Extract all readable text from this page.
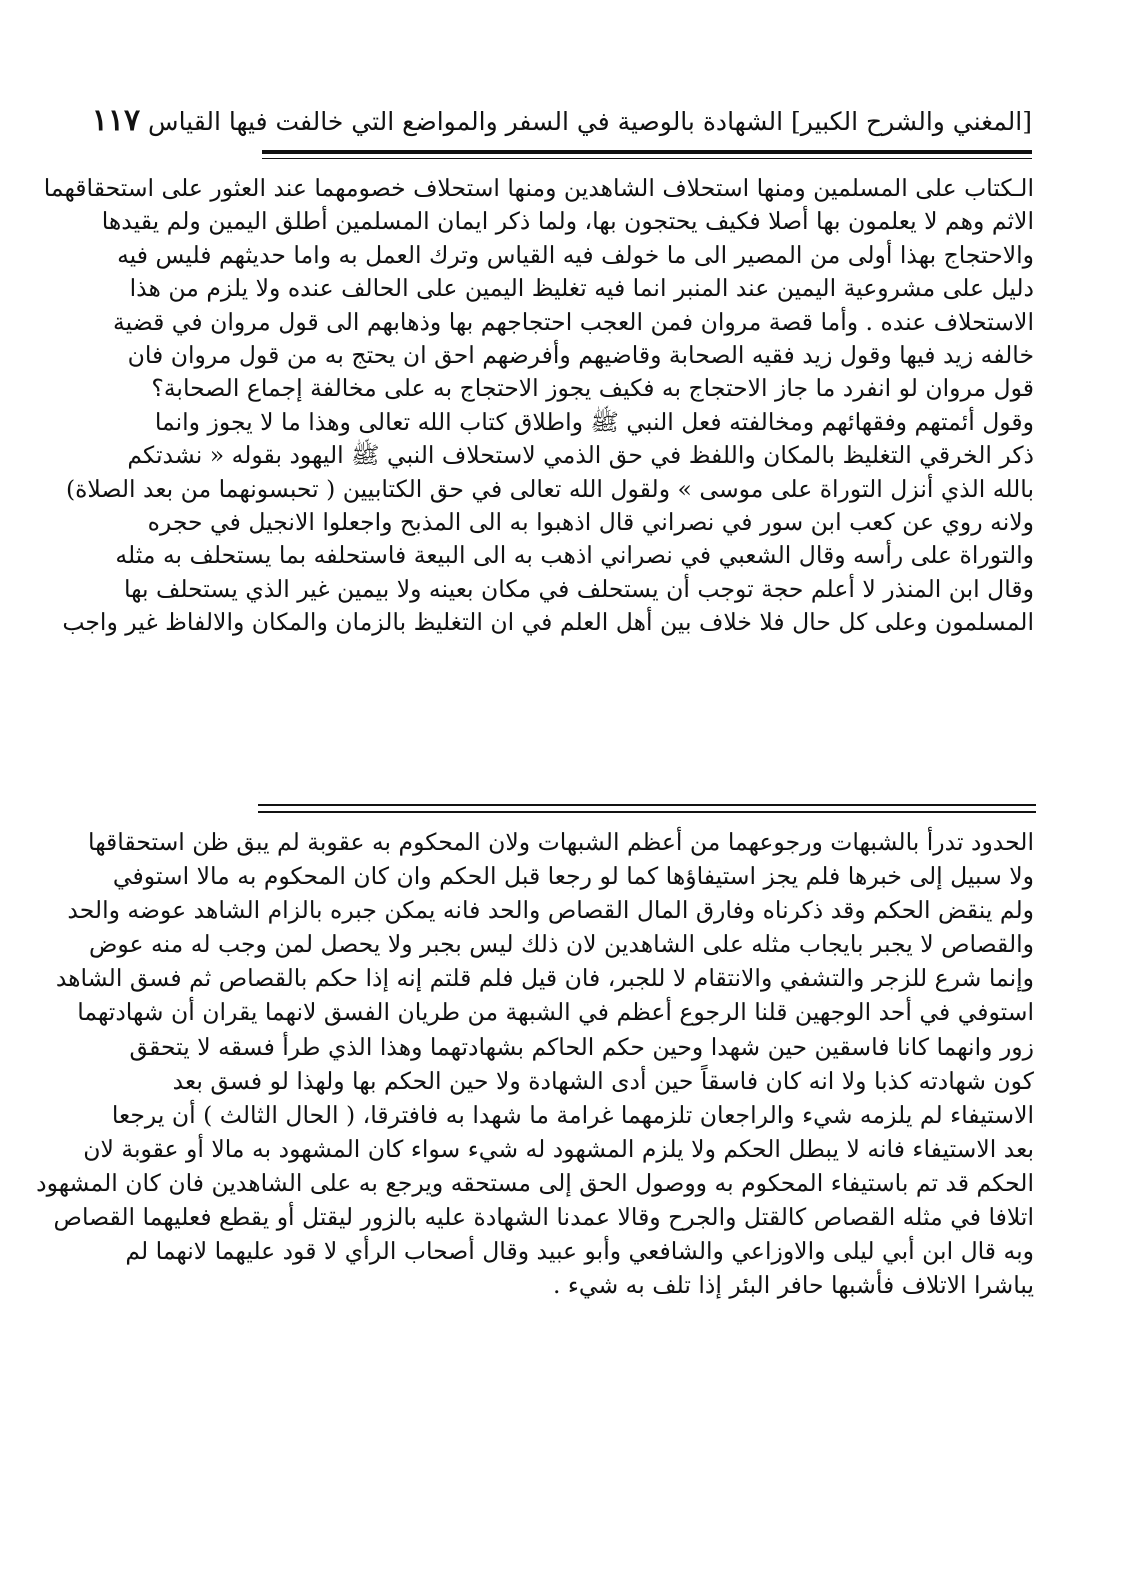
[المغني والشرح الكبير] الشهادة بالوصية في السفر والمواضع التي خالفت فيها القياس ١١٧
الـكتاب على المسلمين ومنها استحلاف الشاهدين ومنها استحلاف خصومهما عند العثور على استحقاقهما
الاثم وهم لا يعلمون بها أصلا فكيف يحتجون بها، ولما ذكر ايمان المسلمين أطلق اليمين ولم يقيدها
والاحتجاج بهذا أولى من المصير الى ما خولف فيه القياس وترك العمل به واما حديثهم فليس فيه
دليل على مشروعية اليمين عند المنبر انما فيه تغليظ اليمين على الحالف عنده ولا يلزم من هذا
الاستحلاف عنده . وأما قصة مروان فمن العجب احتجاجهم بها وذهابهم الى قول مروان في قضية
خالفه زيد فيها وقول زيد فقيه الصحابة وقاضيهم وأفرضهم احق ان يحتج به من قول مروان فان
قول مروان لو انفرد ما جاز الاحتجاج به فكيف يجوز الاحتجاج به على مخالفة إجماع الصحابة؟
وقول أئمتهم وفقهائهم ومخالفته فعل النبي ﷺ واطلاق كتاب الله تعالى وهذا ما لا يجوز وانما
ذكر الخرقي التغليظ بالمكان واللفظ في حق الذمي لاستحلاف النبي ﷺ اليهود بقوله « نشدتكم
بالله الذي أنزل التوراة على موسى » ولقول الله تعالى في حق الكتابيين ( تحبسونهما من بعد الصلاة)
ولانه روي عن كعب ابن سور في نصراني قال اذهبوا به الى المذبح واجعلوا الانجيل في حجره
والتوراة على رأسه وقال الشعبي في نصراني اذهب به الى البيعة فاستحلفه بما يستحلف به مثله
وقال ابن المنذر لا أعلم حجة توجب أن يستحلف في مكان بعينه ولا بيمين غير الذي يستحلف بها
المسلمون وعلى كل حال فلا خلاف بين أهل العلم في ان التغليظ بالزمان والمكان والالفاظ غير واجب
الحدود تدرأ بالشبهات ورجوعهما من أعظم الشبهات ولان المحكوم به عقوبة لم يبق ظن استحقاقها
ولا سبيل إلى خبرها فلم يجز استيفاؤها كما لو رجعا قبل الحكم وان كان المحكوم به مالا استوفي
ولم ينقض الحكم وقد ذكرناه وفارق المال القصاص والحد فانه يمكن جبره بالزام الشاهد عوضه والحد
والقصاص لا يجبر بايجاب مثله على الشاهدين لان ذلك ليس بجبر ولا يحصل لمن وجب له منه عوض
وإنما شرع للزجر والتشفي والانتقام لا للجبر، فان قيل فلم قلتم إنه إذا حكم بالقصاص ثم فسق الشاهد
استوفي في أحد الوجهين قلنا الرجوع أعظم في الشبهة من طريان الفسق لانهما يقران أن شهادتهما
زور وانهما كانا فاسقين حين شهدا وحين حكم الحاكم بشهادتهما وهذا الذي طرأ فسقه لا يتحقق
كون شهادته كذبا ولا انه كان فاسقاً حين أدى الشهادة ولا حين الحكم بها ولهذا لو فسق بعد
الاستيفاء لم يلزمه شيء والراجعان تلزمهما غرامة ما شهدا به فافترقا، ( الحال الثالث ) أن يرجعا
بعد الاستيفاء فانه لا يبطل الحكم ولا يلزم المشهود له شيء سواء كان المشهود به مالا أو عقوبة لان
الحكم قد تم باستيفاء المحكوم به ووصول الحق إلى مستحقه ويرجع به على الشاهدين فان كان المشهود
اتلافا في مثله القصاص كالقتل والجرح وقالا عمدنا الشهادة عليه بالزور ليقتل أو يقطع فعليهما القصاص
وبه قال ابن أبي ليلى والاوزاعي والشافعي وأبو عبيد وقال أصحاب الرأي لا قود عليهما لانهما لم
يباشرا الاتلاف فأشبها حافر البئر إذا تلف به شيء .
